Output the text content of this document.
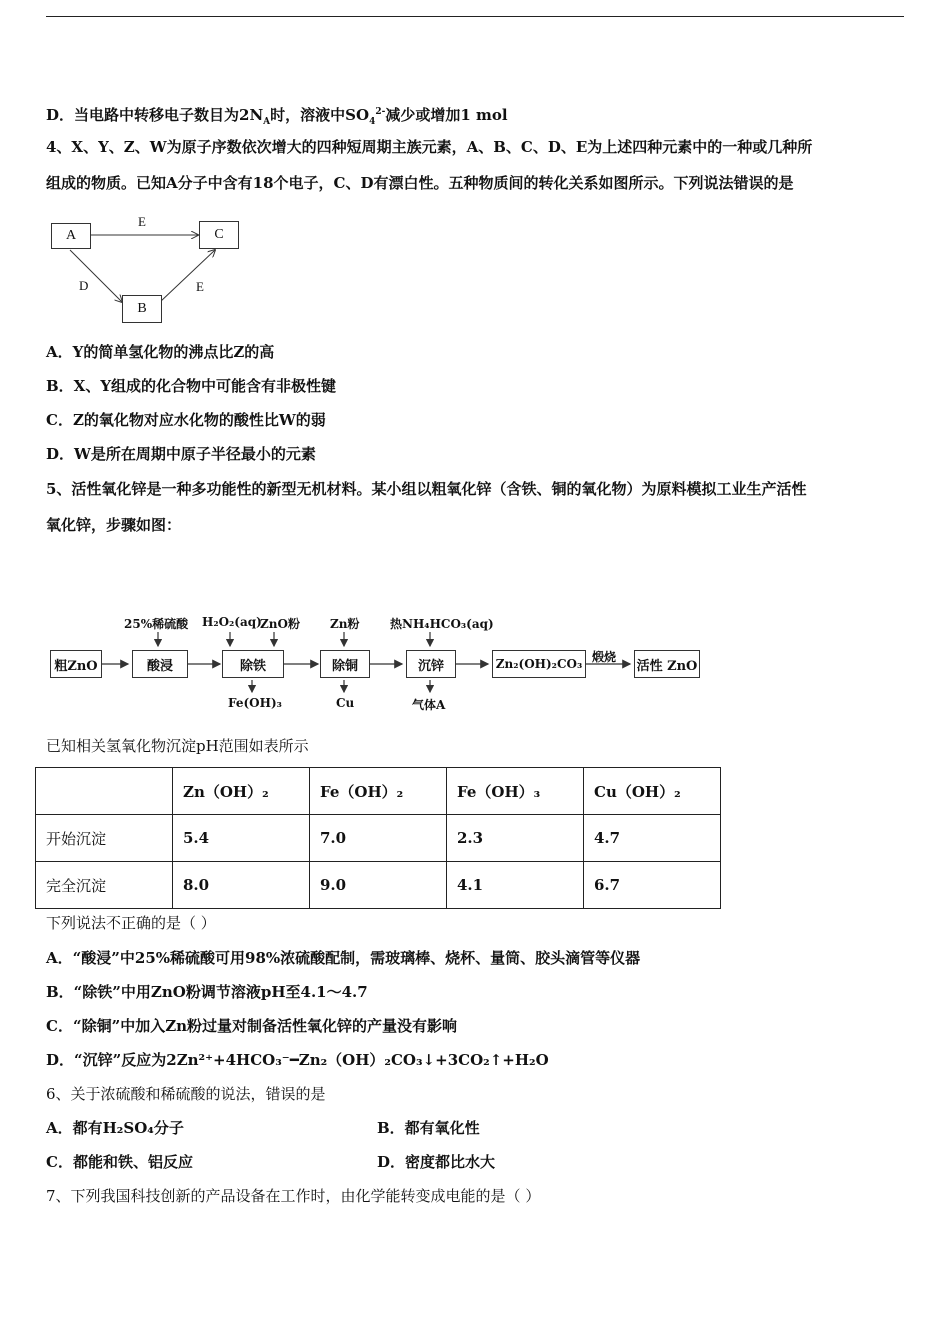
D．当电路中转移电子数目为$2N_A$时，溶液中$SO_4^{2-}$减少或增加1 mol
4、X、Y、Z、W为原子序数依次增大的四种短周期主族元素，A、B、C、D、E为上述四种元素中的一种或几种所
组成的物质。已知A分子中含有18个电子，C、D有漂白性。五种物质间的转化关系如图所示。下列说法错误的是
A	C
B
E
D	E
A．Y的简单氢化物的沸点比Z的高
B．X、Y组成的化合物中可能含有非极性键
C．Z的氧化物对应水化物的酸性比W的弱
D．W是所在周期中原子半径最小的元素
5、活性氧化锌是一种多功能性的新型无机材料。某小组以粗氧化锌（含铁、铜的氧化物）为原料模拟工业生产活性
氧化锌，步骤如图：
粗ZnO	酸浸	除铁	除铜	沉锌	Zn₂(OH)₂CO₃	活性 ZnO
25%稀硫酸 H₂O₂(aq)
ZnO粉	Zn粉	热NH₄HCO₃(aq)
煅烧
Fe(OH)₃	Cu	气体A
已知相关氢氧化物沉淀pH范围如表所示
	Zn（OH）₂	Fe（OH）₂	Fe（OH）₃	Cu（OH）₂
开始沉淀	5.4	7.0	2.3	4.7
完全沉淀	8.0	9.0	4.1	6.7
下列说法不正确的是（ ）
A．“酸浸”中25%稀硫酸可用98%浓硫酸配制，需玻璃棒、烧杯、量筒、胶头滴管等仪器
B．“除铁”中用ZnO粉调节溶液pH至4.1～4.7
C．“除铜”中加入Zn粉过量对制备活性氧化锌的产量没有影响
D．“沉锌”反应为2Zn²⁺+4HCO₃⁻━Zn₂（OH）₂CO₃↓+3CO₂↑+H₂O
6、关于浓硫酸和稀硫酸的说法，错误的是
A．都有H₂SO₄分子	B．都有氧化性
C．都能和铁、铝反应	D．密度都比水大
7、下列我国科技创新的产品设备在工作时，由化学能转变成电能的是（ ）
